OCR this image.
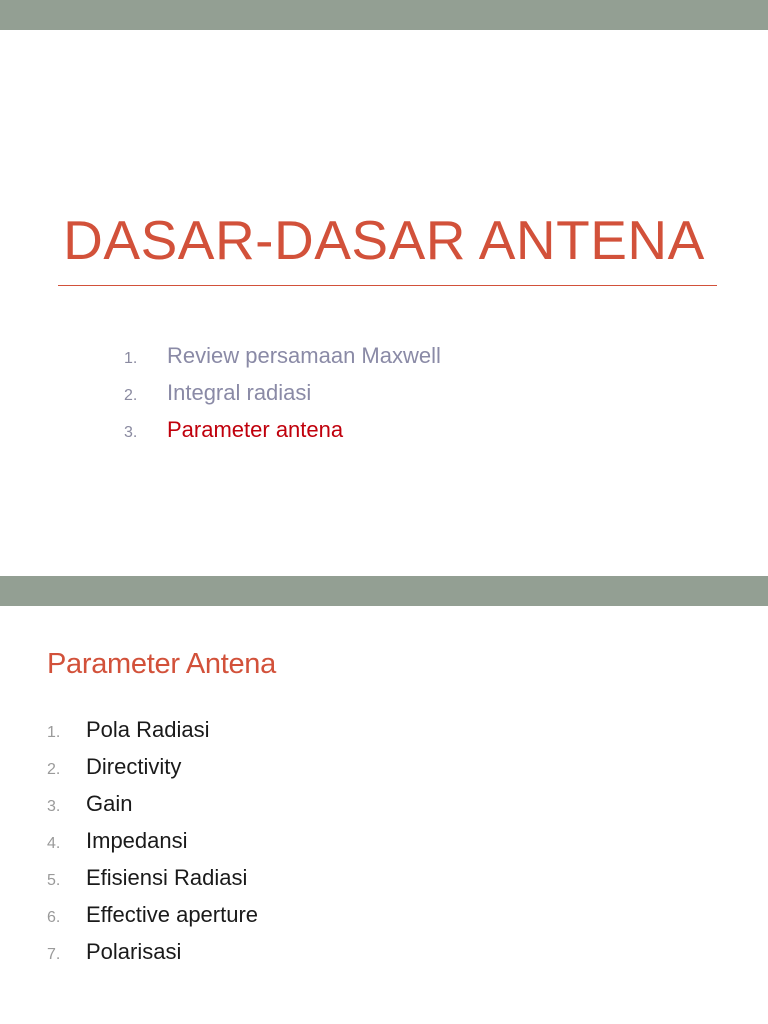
DASAR-DASAR ANTENA
1. Review persamaan Maxwell
2. Integral radiasi
3. Parameter antena
Parameter Antena
1. Pola Radiasi
2. Directivity
3. Gain
4. Impedansi
5. Efisiensi Radiasi
6. Effective aperture
7. Polarisasi
